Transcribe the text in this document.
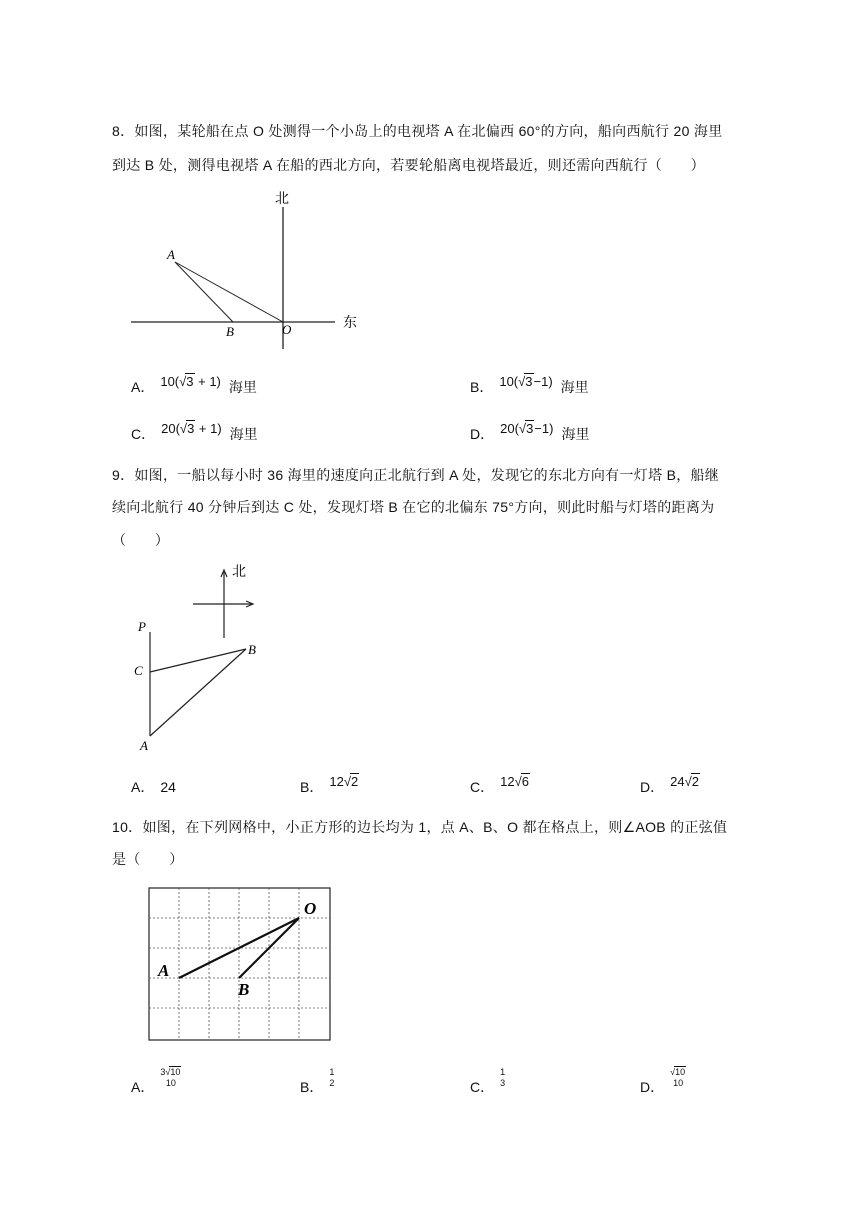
8．如图，某轮船在点 O 处测得一个小岛上的电视塔 A 在北偏西 60°的方向，船向西航行 20 海里
到达 B 处，测得电视塔 A 在船的西北方向，若要轮船离电视塔最近，则还需向西航行（　　）
北
东
A
B	O
A． 10(√3 + 1) 海里	B． 10(√3−1) 海里
C． 20(√3 + 1) 海里	D． 20(√3−1) 海里
9．如图，一船以每小时 36 海里的速度向正北航行到 A 处，发现它的东北方向有一灯塔 B，船继
续向北航行 40 分钟后到达 C 处，发现灯塔 B 在它的北偏东 75°方向，则此时船与灯塔的距离为
（　　）
北
P
C
B
A
A． 24	B． 12√2	C． 12√6	D． 24√2
10．如图，在下列网格中，小正方形的边长均为 1，点 A、B、O 都在格点上，则∠AOB 的正弦值
是（　　）
A
B
O
A．
3√10
10	B．
1
2	C．
1
3	D．
√10
10
